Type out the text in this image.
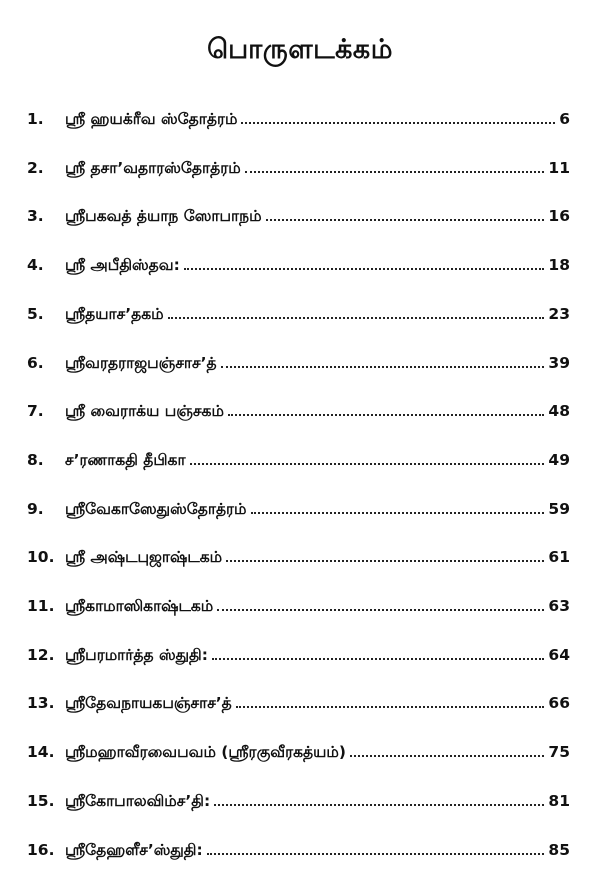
பொருளடக்கம்
1. ஸ்ரீ ஹயக்ரீவ ஸ்தோத்ரம்	6
2. ஸ்ரீ தசா’வதாரஸ்தோத்ரம்	11
3. ஸ்ரீபகவத் த்யாந ஸோபாநம்	16
4. ஸ்ரீ அபீதிஸ்தவ:	18
5. ஸ்ரீதயாச’தகம்	23
6. ஸ்ரீவரதராஜபஞ்சாச’த்	39
7. ஸ்ரீ வைராக்ய பஞ்சகம்	48
8. ச’ரணாகதி தீபிகா	49
9. ஸ்ரீவேகாஸேதுஸ்தோத்ரம்	59
10. ஸ்ரீ அஷ்டபுஜாஷ்டகம்	61
11. ஸ்ரீகாமாஸிகாஷ்டகம்	63
12. ஸ்ரீபரமார்த்த ஸ்துதி:	64
13. ஸ்ரீதேவநாயகபஞ்சாச’த்	66
14. ஸ்ரீமஹாவீரவைபவம் (ஸ்ரீரகுவீரகத்யம்)	75
15. ஸ்ரீகோபாலவிம்ச’தி:	81
16. ஸ்ரீதேஹளீச’ஸ்துதி:	85
